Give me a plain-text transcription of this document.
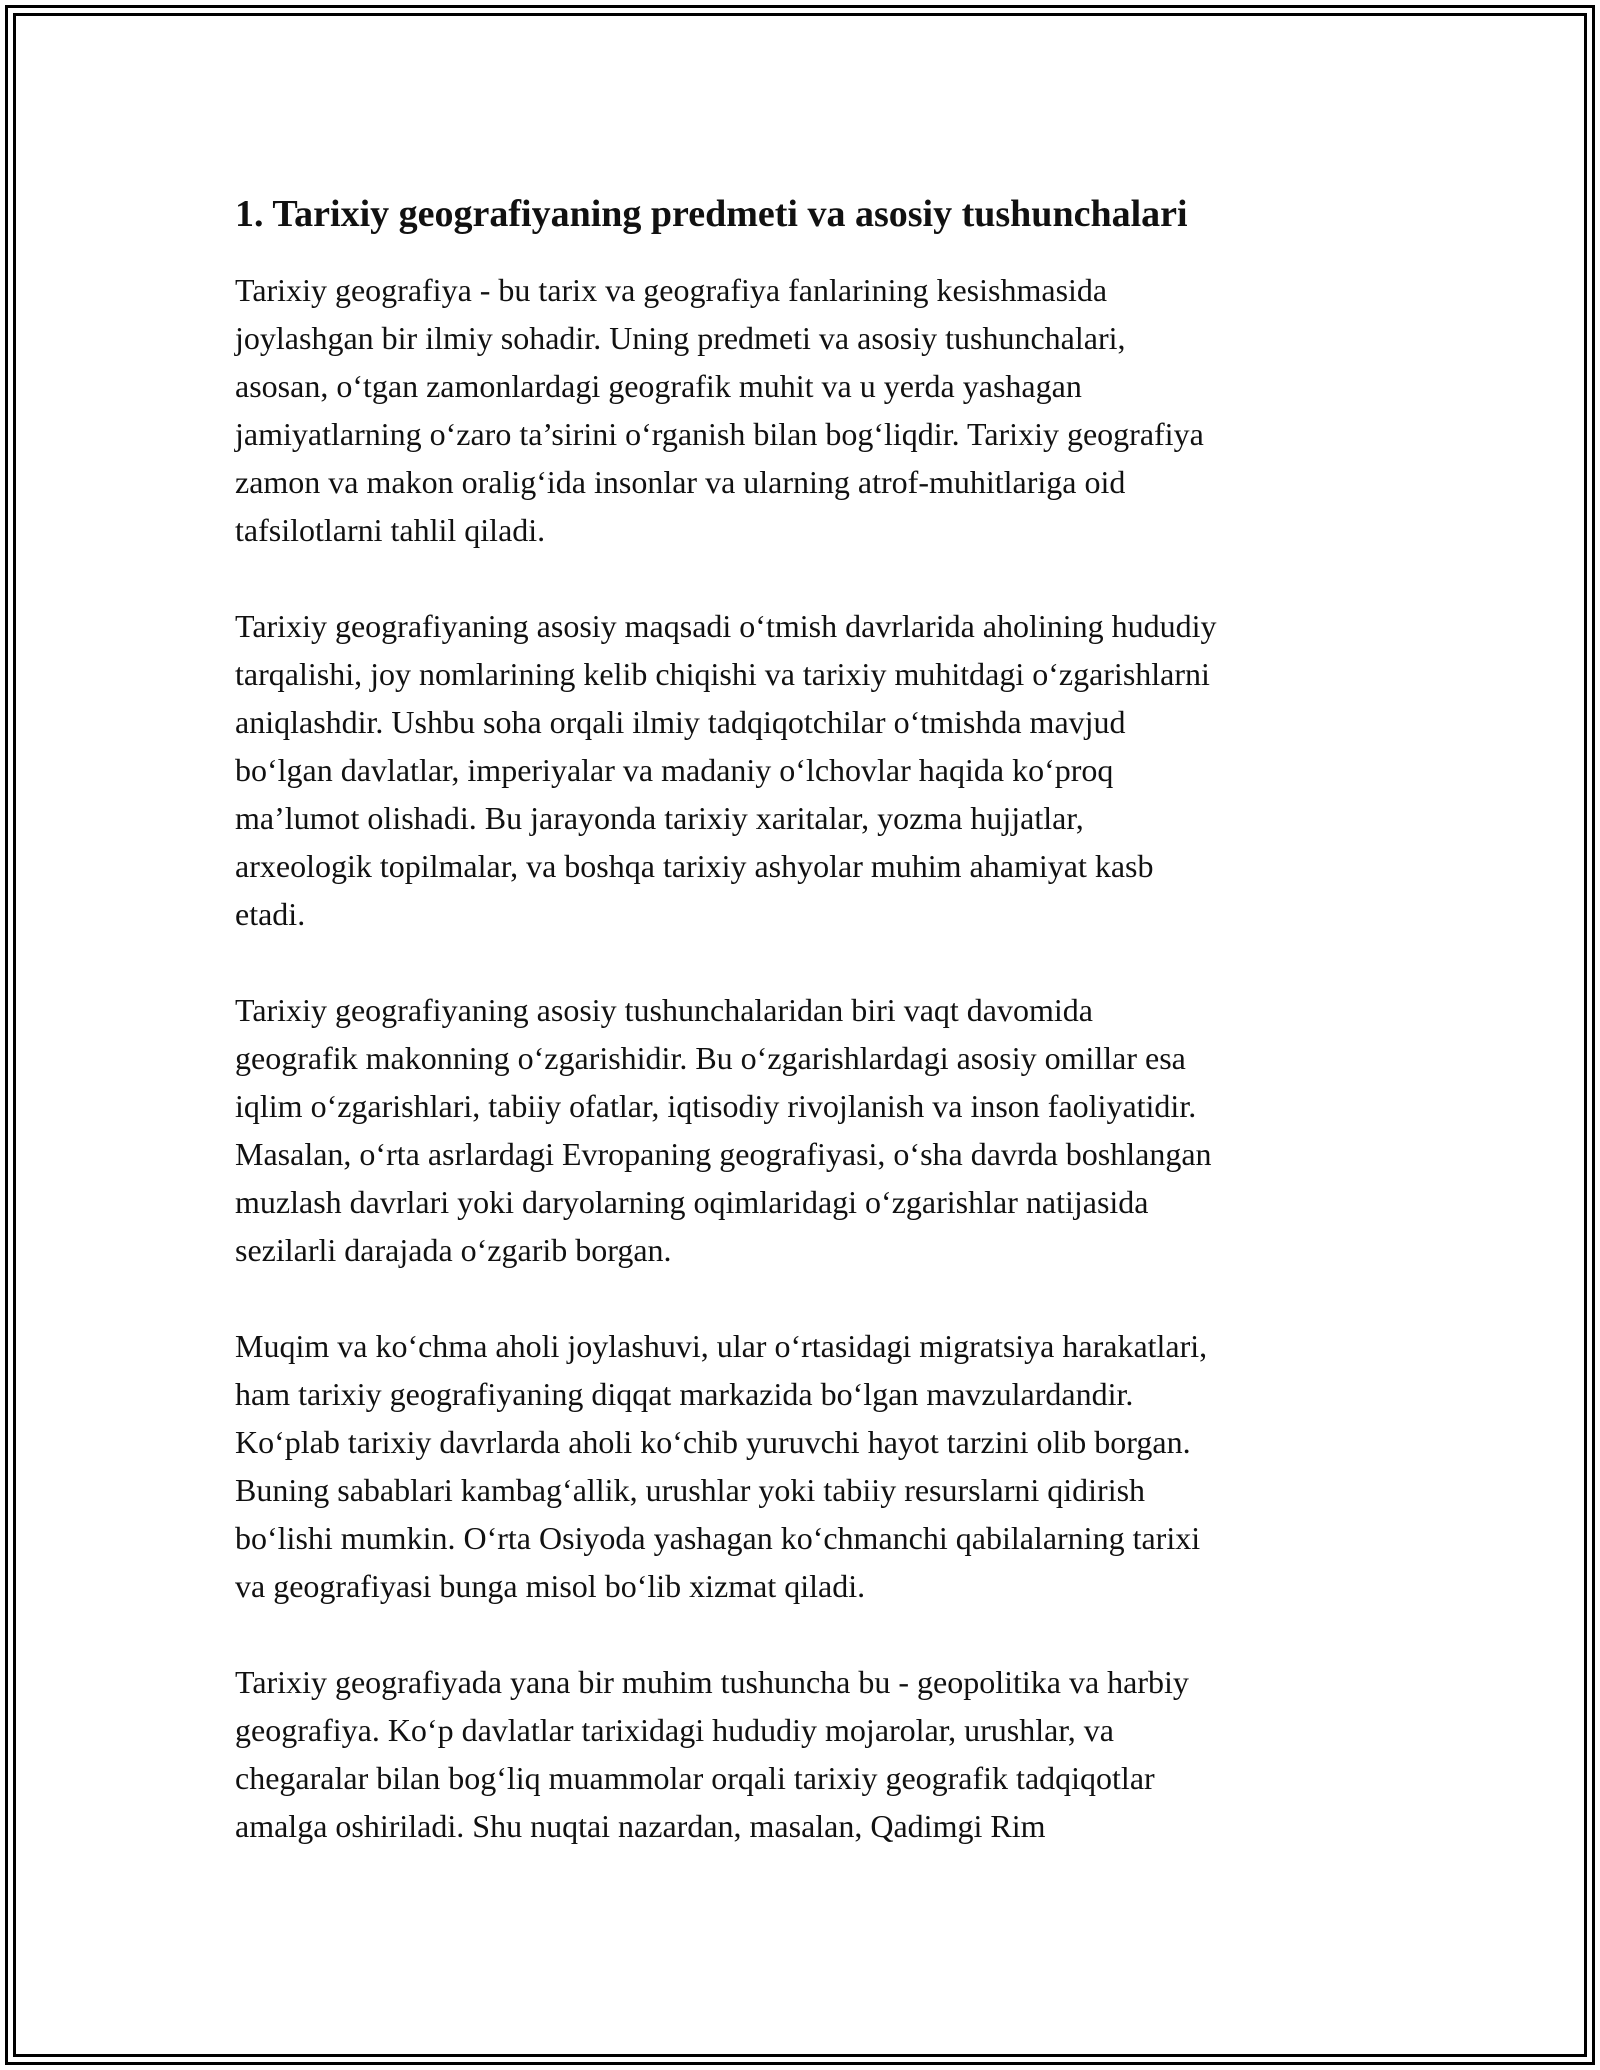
1. Tarixiy geografiyaning predmeti va asosiy tushunchalari

Tarixiy geografiya - bu tarix va geografiya fanlarining kesishmasida
joylashgan bir ilmiy sohadir. Uning predmeti va asosiy tushunchalari,
asosan, o‘tgan zamonlardagi geografik muhit va u yerda yashagan
jamiyatlarning o‘zaro ta’sirini o‘rganish bilan bog‘liqdir. Tarixiy geografiya
zamon va makon oralig‘ida insonlar va ularning atrof-muhitlariga oid
tafsilotlarni tahlil qiladi.

Tarixiy geografiyaning asosiy maqsadi o‘tmish davrlarida aholining hududiy
tarqalishi, joy nomlarining kelib chiqishi va tarixiy muhitdagi o‘zgarishlarni
aniqlashdir. Ushbu soha orqali ilmiy tadqiqotchilar o‘tmishda mavjud
bo‘lgan davlatlar, imperiyalar va madaniy o‘lchovlar haqida ko‘proq
ma’lumot olishadi. Bu jarayonda tarixiy xaritalar, yozma hujjatlar,
arxeologik topilmalar, va boshqa tarixiy ashyolar muhim ahamiyat kasb
etadi.

Tarixiy geografiyaning asosiy tushunchalaridan biri vaqt davomida
geografik makonning o‘zgarishidir. Bu o‘zgarishlardagi asosiy omillar esa
iqlim o‘zgarishlari, tabiiy ofatlar, iqtisodiy rivojlanish va inson faoliyatidir.
Masalan, o‘rta asrlardagi Evropaning geografiyasi, o‘sha davrda boshlangan
muzlash davrlari yoki daryolarning oqimlaridagi o‘zgarishlar natijasida
sezilarli darajada o‘zgarib borgan.

Muqim va ko‘chma aholi joylashuvi, ular o‘rtasidagi migratsiya harakatlari,
ham tarixiy geografiyaning diqqat markazida bo‘lgan mavzulardandir.
Ko‘plab tarixiy davrlarda aholi ko‘chib yuruvchi hayot tarzini olib borgan.
Buning sabablari kambag‘allik, urushlar yoki tabiiy resurslarni qidirish
bo‘lishi mumkin. O‘rta Osiyoda yashagan ko‘chmanchi qabilalarning tarixi
va geografiyasi bunga misol bo‘lib xizmat qiladi.

Tarixiy geografiyada yana bir muhim tushuncha bu - geopolitika va harbiy
geografiya. Ko‘p davlatlar tarixidagi hududiy mojarolar, urushlar, va
chegaralar bilan bog‘liq muammolar orqali tarixiy geografik tadqiqotlar
amalga oshiriladi. Shu nuqtai nazardan, masalan, Qadimgi Rim
